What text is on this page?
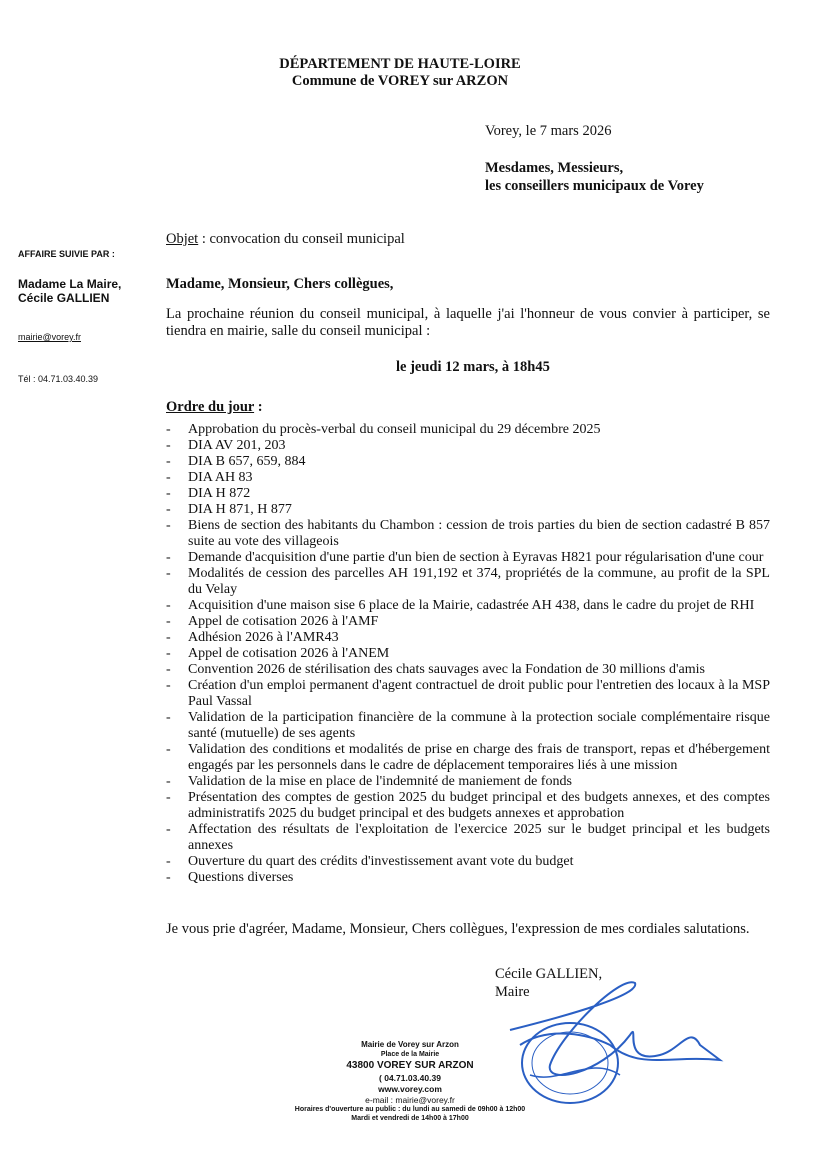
DÉPARTEMENT DE HAUTE-LOIRE
Commune de VOREY sur ARZON
Vorey, le 7 mars 2026
Mesdames, Messieurs,
les conseillers municipaux de Vorey
AFFAIRE SUIVIE PAR :
Madame La Maire,
Cécile GALLIEN
mairie@vorey.fr
Tél : 04.71.03.40.39
Objet : convocation du conseil municipal
Madame, Monsieur, Chers collègues,
La prochaine réunion du conseil municipal, à laquelle j'ai l'honneur de vous convier à participer, se tiendra en mairie, salle du conseil municipal :
le jeudi 12 mars, à 18h45
Ordre du jour :
- Approbation du procès-verbal du conseil municipal du 29 décembre 2025
- DIA AV 201, 203
- DIA B 657, 659, 884
- DIA AH 83
- DIA H 872
- DIA H 871, H 877
- Biens de section des habitants du Chambon : cession de trois parties du bien de section cadastré B 857 suite au vote des villageois
- Demande d'acquisition d'une partie d'un bien de section à Eyravas H821 pour régularisation d'une cour
- Modalités de cession des parcelles AH 191,192 et 374, propriétés de la commune, au profit de la SPL du Velay
- Acquisition d'une maison sise 6 place de la Mairie, cadastrée AH 438, dans le cadre du projet de RHI
- Appel de cotisation 2026 à l'AMF
- Adhésion 2026 à l'AMR43
- Appel de cotisation 2026 à l'ANEM
- Convention 2026 de stérilisation des chats sauvages avec la Fondation de 30 millions d'amis
- Création d'un emploi permanent d'agent contractuel de droit public pour l'entretien des locaux à la MSP Paul Vassal
- Validation de la participation financière de la commune à la protection sociale complémentaire risque santé (mutuelle) de ses agents
- Validation des conditions et modalités de prise en charge des frais de transport, repas et d'hébergement engagés par les personnels dans le cadre de déplacement temporaires liés à une mission
- Validation de la mise en place de l'indemnité de maniement de fonds
- Présentation des comptes de gestion 2025 du budget principal et des budgets annexes, et des comptes administratifs 2025 du budget principal et des budgets annexes et approbation
- Affectation des résultats de l'exploitation de l'exercice 2025 sur le budget principal et les budgets annexes
- Ouverture du quart des crédits d'investissement avant vote du budget
- Questions diverses
Je vous prie d'agréer, Madame, Monsieur, Chers collègues, l'expression de mes cordiales salutations.
Cécile GALLIEN,
Maire
Mairie de Vorey sur Arzon
Place de la Mairie
43800 VOREY SUR ARZON
( 04.71.03.40.39
www.vorey.com
e-mail : mairie@vorey.fr
Horaires d'ouverture au public : du lundi au samedi de 09h00 à 12h00
Mardi et vendredi de 14h00 à 17h00
